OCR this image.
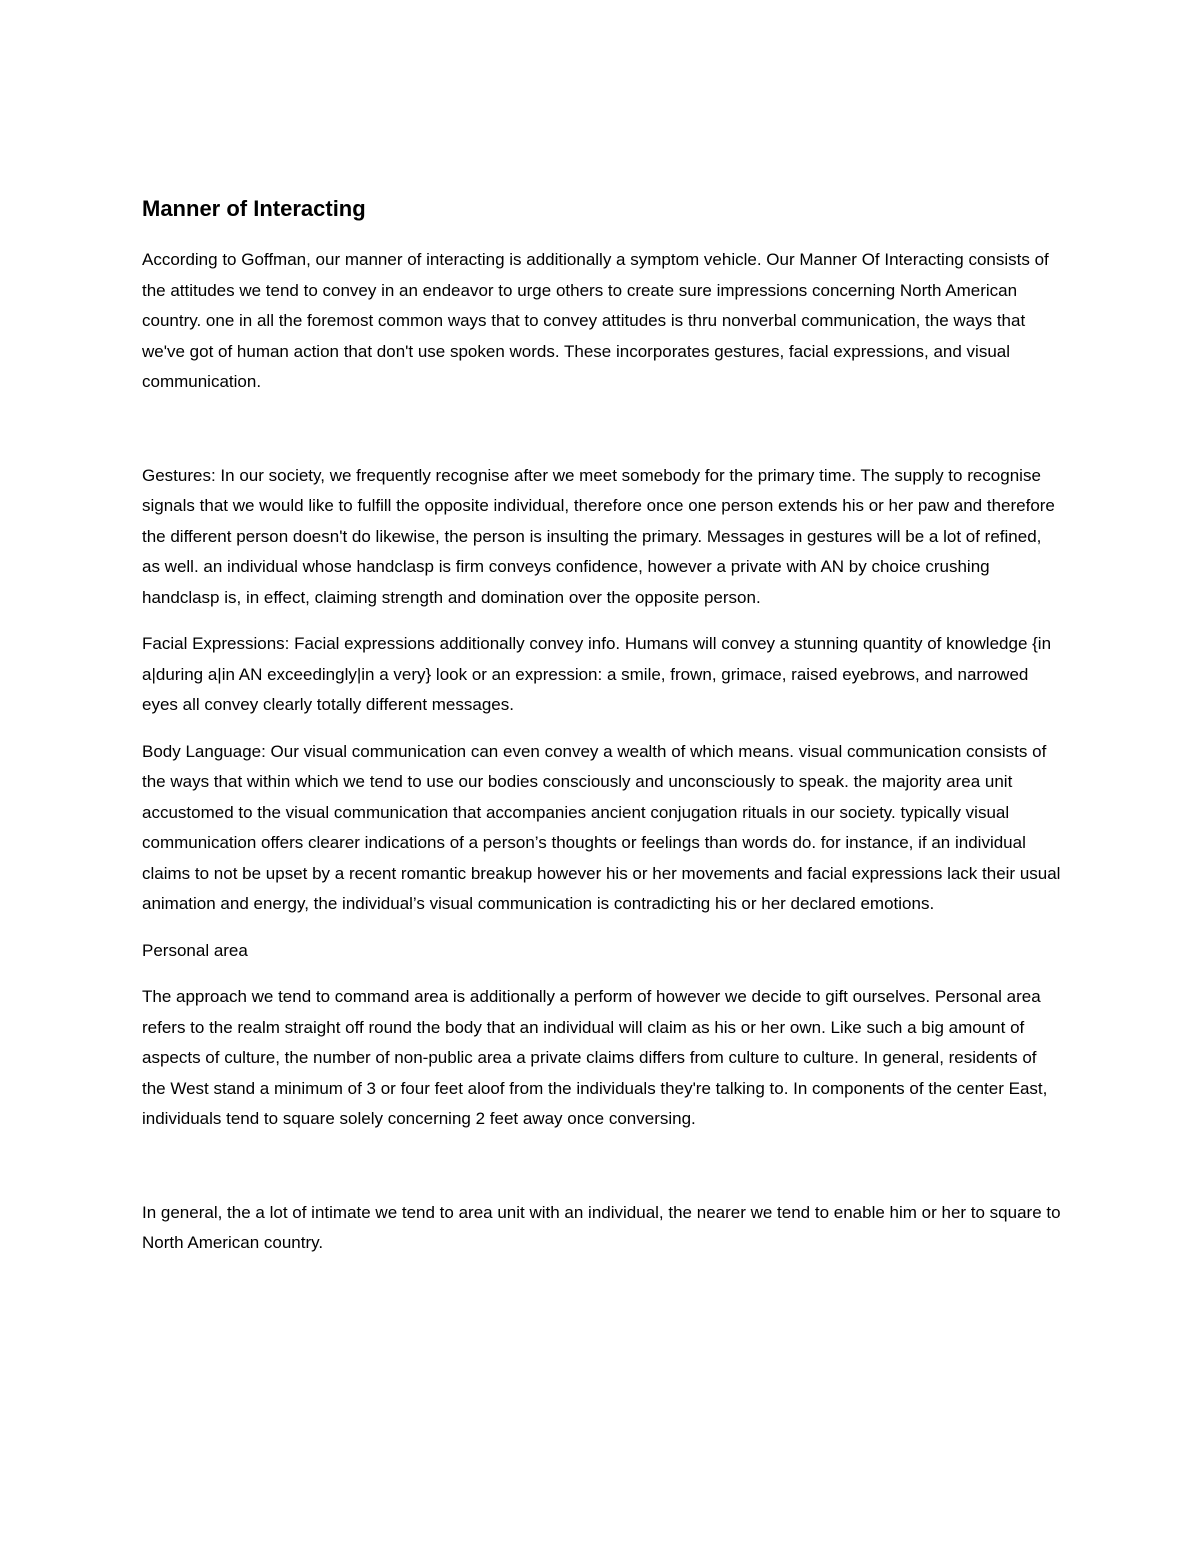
Manner of Interacting

According to Goffman, our manner of interacting is additionally a symptom vehicle. Our Manner Of Interacting consists of the attitudes we tend to convey in an endeavor to urge others to create sure impressions concerning North American country. one in all the foremost common ways that to convey attitudes is thru nonverbal communication, the ways that we've got of human action that don't use spoken words. These incorporates gestures, facial expressions, and visual communication.

Gestures: In our society, we frequently recognise after we meet somebody for the primary time. The supply to recognise signals that we would like to fulfill the opposite individual, therefore once one person extends his or her paw and therefore the different person doesn't do likewise, the person is insulting the primary. Messages in gestures will be a lot of refined, as well. an individual whose handclasp is firm conveys confidence, however a private with AN by choice crushing handclasp is, in effect, claiming strength and domination over the opposite person.

Facial Expressions: Facial expressions additionally convey info. Humans will convey a stunning quantity of knowledge {in a|during a|in AN exceedingly|in a very} look or an expression: a smile, frown, grimace, raised eyebrows, and narrowed eyes all convey clearly totally different messages.

Body Language: Our visual communication can even convey a wealth of which means. visual communication consists of the ways that within which we tend to use our bodies consciously and unconsciously to speak. the majority area unit accustomed to the visual communication that accompanies ancient conjugation rituals in our society. typically visual communication offers clearer indications of a person’s thoughts or feelings than words do. for instance, if an individual claims to not be upset by a recent romantic breakup however his or her movements and facial expressions lack their usual animation and energy, the individual’s visual communication is contradicting his or her declared emotions.

Personal area

The approach we tend to command area is additionally a perform of however we decide to gift ourselves. Personal area refers to the realm straight off round the body that an individual will claim as his or her own. Like such a big amount of aspects of culture, the number of non-public area a private claims differs from culture to culture. In general, residents of the West stand a minimum of 3 or four feet aloof from the individuals they're talking to. In components of the center East, individuals tend to square solely concerning 2 feet away once conversing.

In general, the a lot of intimate we tend to area unit with an individual, the nearer we tend to enable him or her to square to North American country.
